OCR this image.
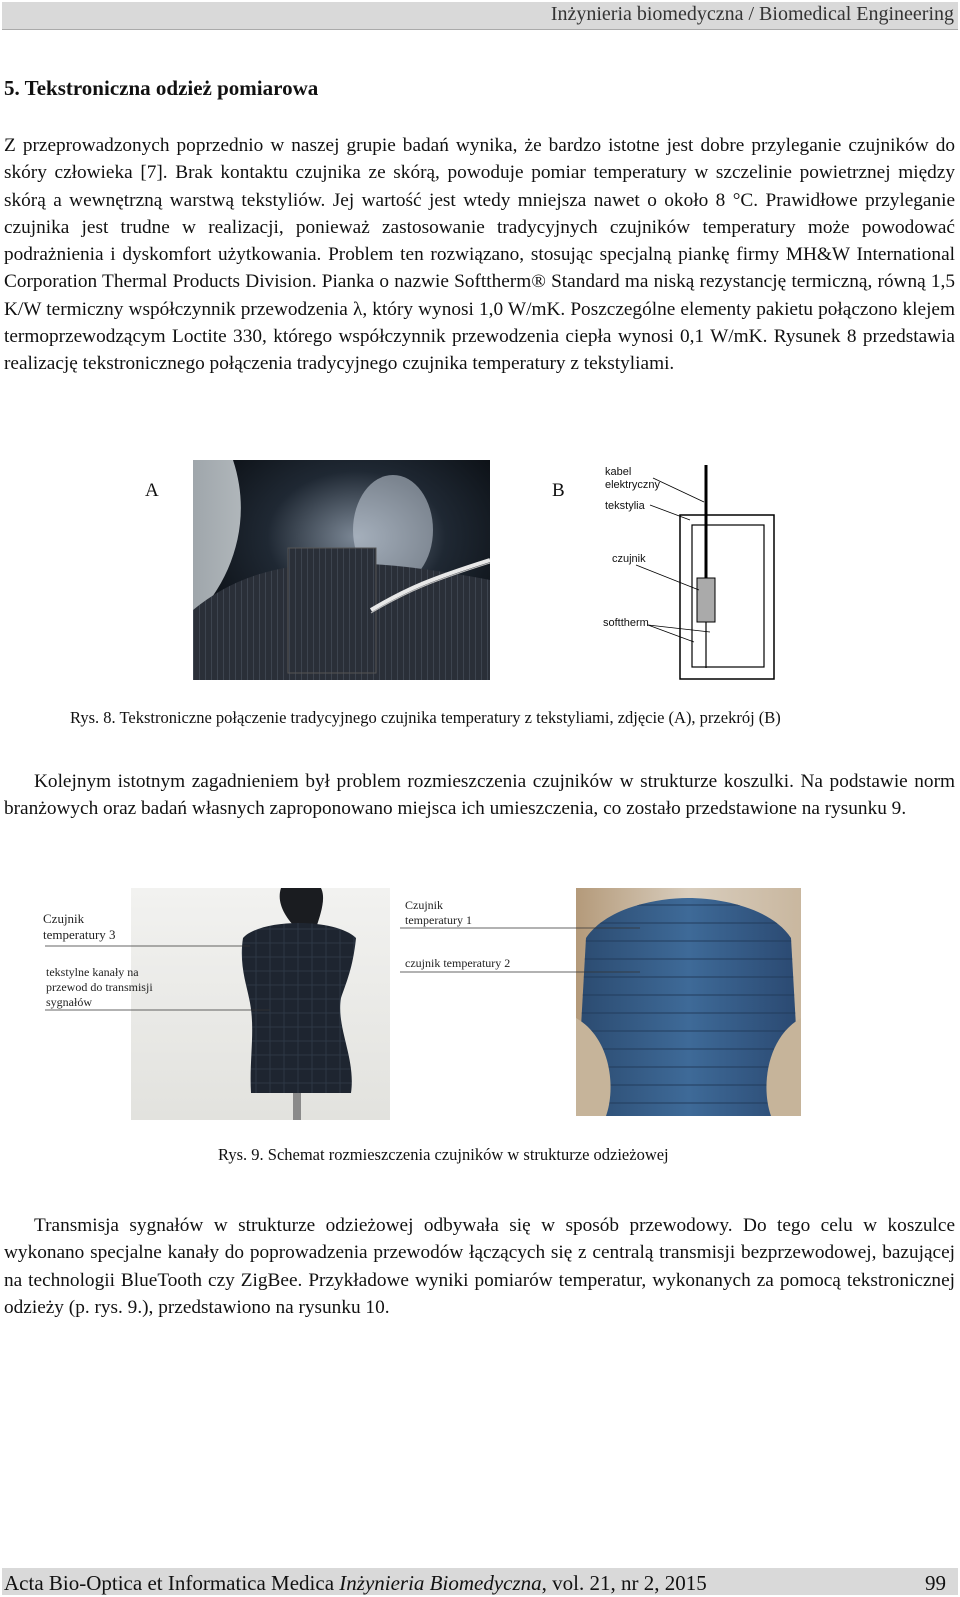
Inżynieria biomedyczna / Biomedical Engineering
5. Tekstroniczna odzież pomiarowa

Z przeprowadzonych poprzednio w naszej grupie badań wynika, że bardzo istotne jest dobre przyleganie czujników do skóry człowieka [7]. Brak kontaktu czujnika ze skórą, powoduje pomiar temperatury w szczelinie powietrznej między skórą a wewnętrzną warstwą tekstyliów. Jej wartość jest wtedy mniejsza nawet o około 8 °C. Prawidłowe przyleganie czujnika jest trudne w realizacji, ponieważ zastosowanie tradycyjnych czujników temperatury może powodować podrażnienia i dyskomfort użytkowania. Problem ten rozwiązano, stosując specjalną piankę firmy MH&W International Corporation Thermal Products Division. Pianka o nazwie Softtherm® Standard ma niską rezystancję termiczną, równą 1,5 K/W termiczny współczynnik przewodzenia λ, który wynosi 1,0 W/mK. Poszczególne elementy pakietu połączono klejem termoprzewodzącym Loctite 330, którego współczynnik przewodzenia ciepła wynosi 0,1 W/mK. Rysunek 8 przedstawia realizację tekstronicznego połączenia tradycyjnego czujnika temperatury z tekstyliami.

A	B
kabel
elektryczny
tekstylia
czujnik
softtherm

Rys. 8. Tekstroniczne połączenie tradycyjnego czujnika temperatury z tekstyliami, zdjęcie (A), przekrój (B)

Kolejnym istotnym zagadnieniem był problem rozmieszczenia czujników w strukturze koszulki. Na podstawie norm branżowych oraz badań własnych zaproponowano miejsca ich umieszczenia, co zostało przedstawione na rysunku 9.

Czujnik
temperatury 3
tekstylne kanały na
przewod do transmisji
sygnałów
Czujnik
temperatury 1
czujnik temperatury 2

Rys. 9. Schemat rozmieszczenia czujników w strukturze odzieżowej

Transmisja sygnałów w strukturze odzieżowej odbywała się w sposób przewodowy. Do tego celu w koszulce wykonano specjalne kanały do poprowadzenia przewodów łączących się z centralą transmisji bezprzewodowej, bazującej na technologii BlueTooth czy ZigBee. Przykładowe wyniki pomiarów temperatur, wykonanych za pomocą tekstronicznej odzieży (p. rys. 9.), przedstawiono na rysunku 10.

Acta Bio-Optica et Informatica Medica Inżynieria Biomedyczna, vol. 21, nr 2, 2015	99
